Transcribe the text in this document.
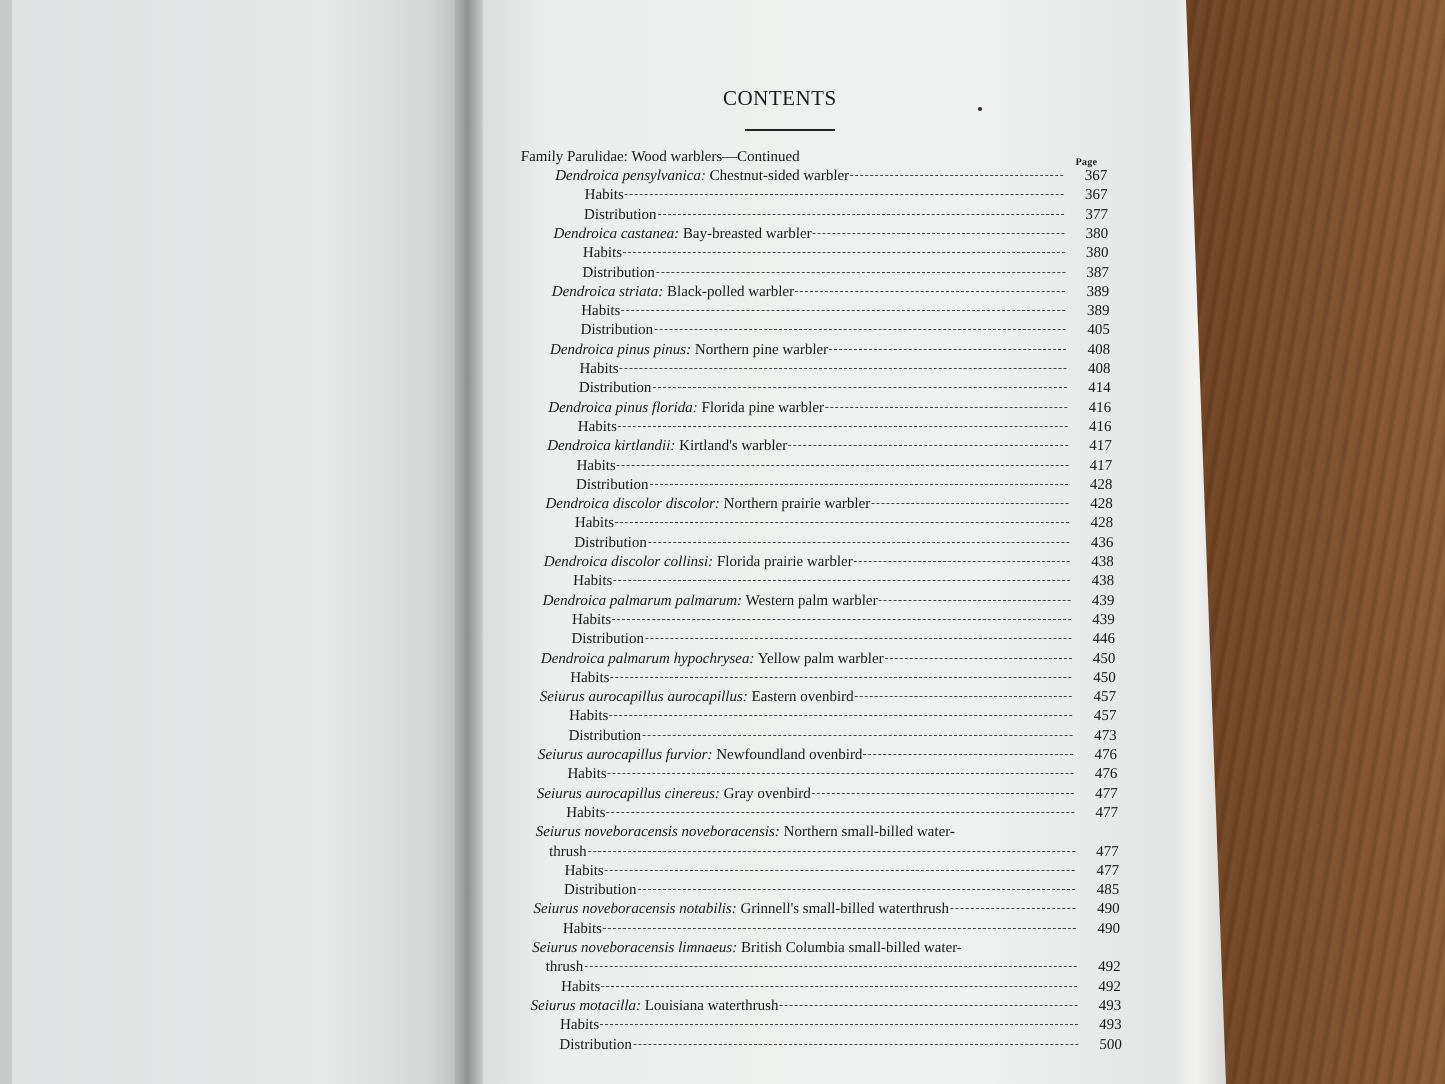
CONTENTS
Family Parulidae: Wood warblers—Continued	Page
Dendroica pensylvanica: Chestnut-sided warbler	367
Habits	367
Distribution	377
Dendroica castanea: Bay-breasted warbler	380
Habits	380
Distribution	387
Dendroica striata: Black-polled warbler	389
Habits	389
Distribution	405
Dendroica pinus pinus: Northern pine warbler	408
Habits	408
Distribution	414
Dendroica pinus florida: Florida pine warbler	416
Habits	416
Dendroica kirtlandii: Kirtland's warbler	417
Habits	417
Distribution	428
Dendroica discolor discolor: Northern prairie warbler	428
Habits	428
Distribution	436
Dendroica discolor collinsi: Florida prairie warbler	438
Habits	438
Dendroica palmarum palmarum: Western palm warbler	439
Habits	439
Distribution	446
Dendroica palmarum hypochrysea: Yellow palm warbler	450
Habits	450
Seiurus aurocapillus aurocapillus: Eastern ovenbird	457
Habits	457
Distribution	473
Seiurus aurocapillus furvior: Newfoundland ovenbird	476
Habits	476
Seiurus aurocapillus cinereus: Gray ovenbird	477
Habits	477
Seiurus noveboracensis noveboracensis: Northern small-billed water-
thrush	477
Habits	477
Distribution	485
Seiurus noveboracensis notabilis: Grinnell's small-billed waterthrush	490
Habits	490
Seiurus noveboracensis limnaeus: British Columbia small-billed water-
thrush	492
Habits	492
Seiurus motacilla: Louisiana waterthrush	493
Habits	493
Distribution	500
